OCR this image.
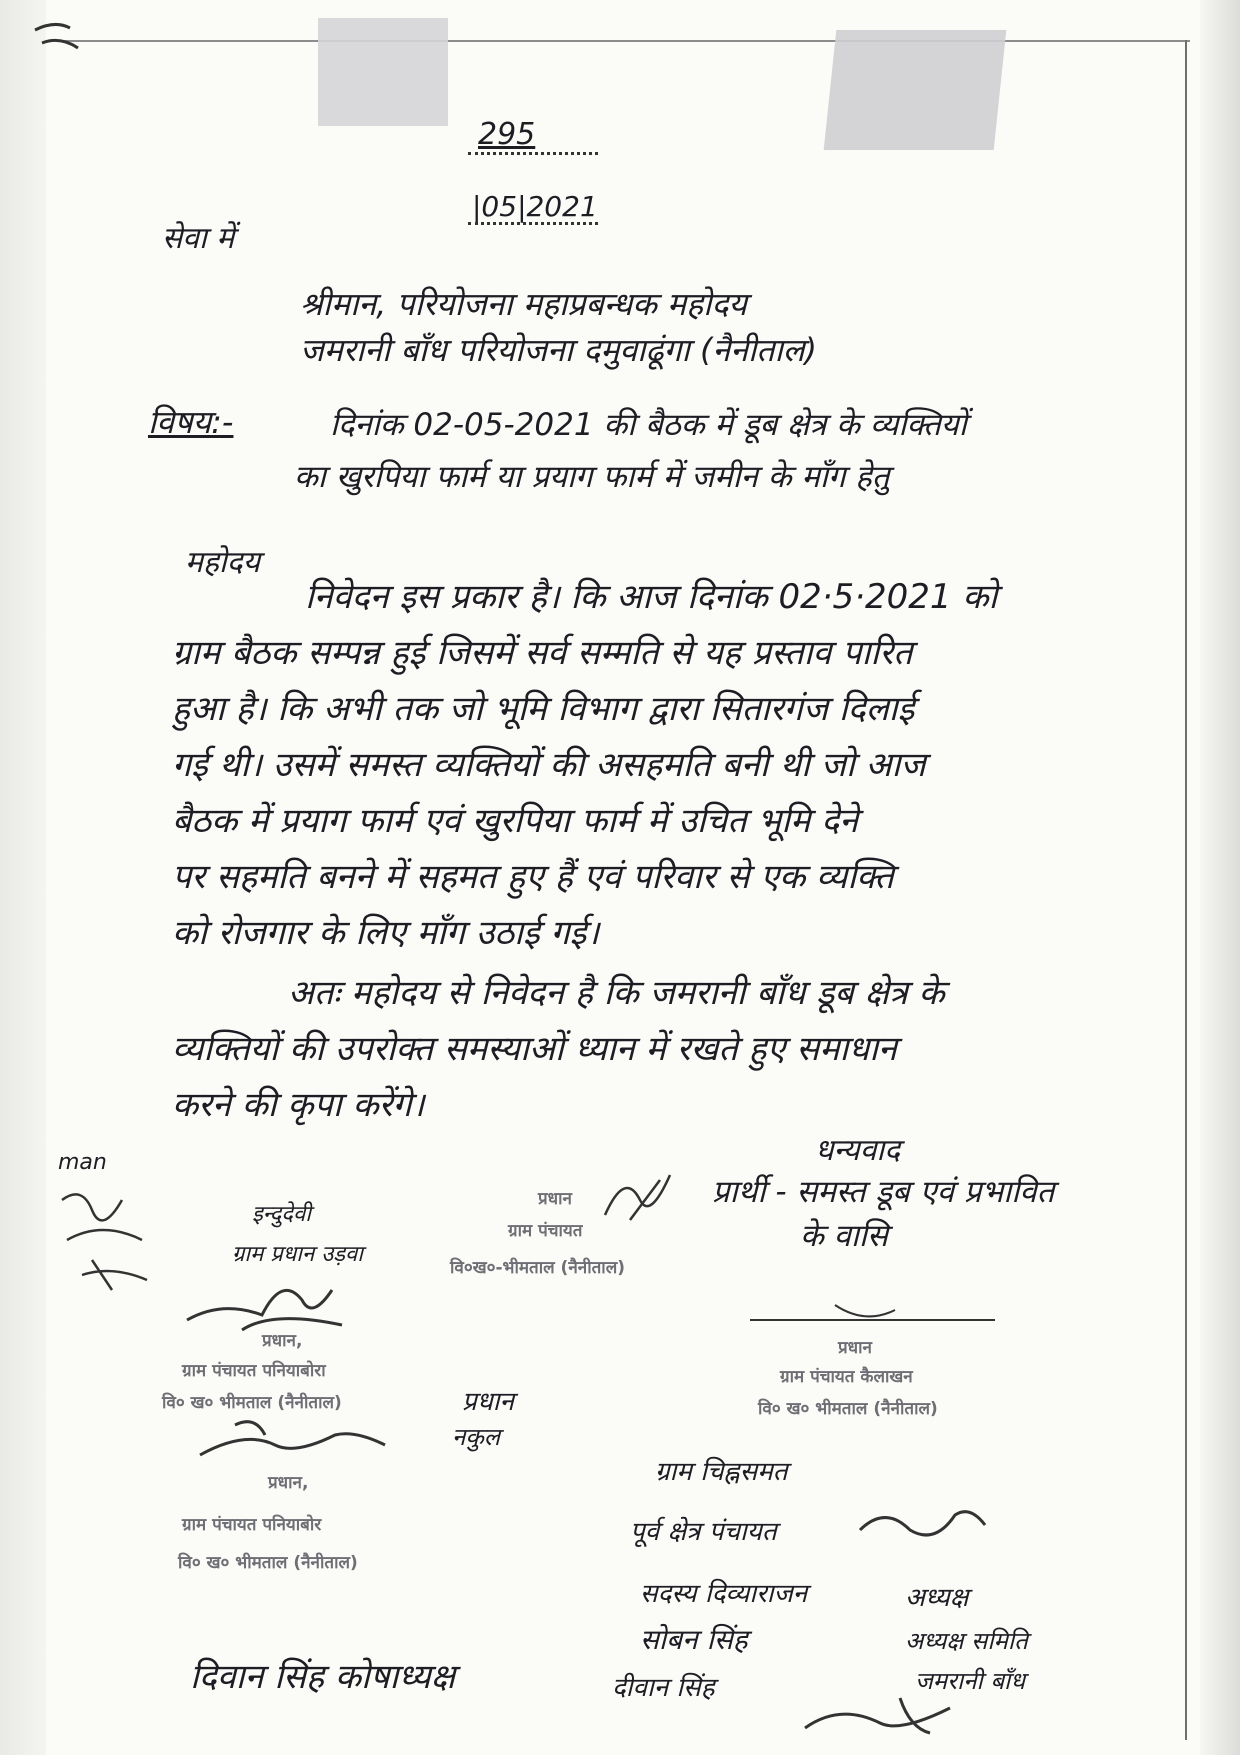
295
|05|2021
सेवा में
श्रीमान, परियोजना महाप्रबन्धक महोदय
जमरानी बाँध परियोजना दमुवाढूंगा (नैनीताल)
विषय:-	दिनांक 02-05-2021 की बैठक में डूब क्षेत्र के व्यक्तियों
का खुरपिया फार्म या प्रयाग फार्म में जमीन के माँग हेतु
महोदय
निवेदन इस प्रकार है। कि आज दिनांक 02·5·2021 को
ग्राम बैठक सम्पन्न हुई जिसमें सर्व सम्मति से यह प्रस्ताव पारित
हुआ है। कि अभी तक जो भूमि विभाग द्वारा सितारगंज दिलाई
गई थी। उसमें समस्त व्यक्तियों की असहमति बनी थी जो आज
बैठक में प्रयाग फार्म एवं खुरपिया फार्म में उचित भूमि देने
पर सहमति बनने में सहमत हुए हैं एवं परिवार से एक व्यक्ति
को रोजगार के लिए माँग उठाई गई।
अतः महोदय से निवेदन है कि जमरानी बाँध डूब क्षेत्र के
व्यक्तियों की उपरोक्त समस्याओं ध्यान में रखते हुए समाधान
करने की कृपा करेंगे।
धन्यवाद
man
प्रार्थी - समस्त डूब एवं प्रभावित
के वासि
प्रधान
ग्राम पंचायत
वि०ख०-भीमताल (नैनीताल)
इन्दुदेवी
ग्राम प्रधान उड़वा
प्रधान,
ग्राम पंचायत पनियाबोरा
वि० ख० भीमताल (नैनीताल)	प्रधान
नकुल
प्रधान
ग्राम पंचायत कैलाखन
वि० ख० भीमताल (नैनीताल)
प्रधान,
ग्राम पंचायत पनियाबोर
वि० ख० भीमताल (नैनीताल)
ग्राम चिह्नसमत
पूर्व क्षेत्र पंचायत
सदस्य दिव्याराजन	अध्यक्ष
सोबन सिंह	अध्यक्ष समिति
जमरानी बाँध
दिवान सिंह कोषाध्यक्ष	दीवान सिंह
